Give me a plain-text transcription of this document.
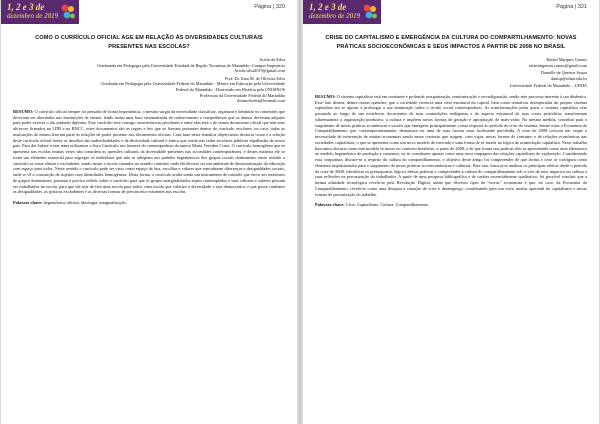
1, 2 e 3 de
dezembro de 2019
Página | 320
COMO O CURRÍCULO OFICIAL AGE EM RELAÇÃO ÀS DIVERSIDADES CULTURAIS PRESENTES NAS ESCOLAS?
Arislu da Silva
Graduanda em Pedagogia pela Universidade Estadual da Região Tocantina do Maranhão- Campus Imperatriz
Arislu.silva2019@gmail.com
Prof. Dr. Ilma M. de Oliveira Silva
Graduada em Pedagogia pela Universidade Federal do Maranhão - Mestre em Educação pela Universidade
Federal do Maranhão - Doutorado em História pela UNISINOS
Professora da Universidade Federal do Maranhão
ilmasoliveira@hotmail.com
RESUMO: O currículo oficial sempre foi pensado de forma hegemônica, o mesmo surgiu da necessidade classificar, organizar e delimitar os conteúdos que deveriam ser abordados nas instituições de ensino, tendo assim uma base sistematizada de conhecimento e competências que os alunos deveriam adquirir para poder exercer o tão sonhado diploma. Este currículo teve consigo características peculiares e entre elas está o de serum documento oficial que tem seus alicerces firmados na LDB e na BNCC, estes documentos são as regras e leis que se fizeram presentes dentro do currículo escolares, no caso, todas as instituições de ensino fizeram parte às relações de poder presente nos documentos oficiais. Com base nesta temática objetivamos destacar como é a relação deste currículo oficial frente os desafios das individualidades e da diversidade cultural e étnica que existe nas redes escolares públicas espalhadas do nosso país. Para dar ênfase a este tema utilizamos o livro Currículo nos lineares do contemporâneo da autora Maria Vorraber Costa. O currículo homogêneo que se apresenta nas escolas muitas vezes não considera as questões culturais da diversidade presentes nas sociedades contemporâneas, e destes maneira ele se torna um elemento essencial para segregar os indivíduos que não se adequam aos padrões hegemônicos dos grupos sociais dominantes, neste sentido o currículo se torna elitista e excludente, sendo assim a escola caminha no sentido contrário onde ela deveria ser um ambiente de democratização da educação com espaço para todos. Neste sentido o currículo pode ser visto como espaço de luta, escolhas e valores que reproduzem diferenças e desigualdades sociais, onde se vê a construção de sujeitos com identidades homogêneas. Desta forma, o currículo acaba sendo um instrumento de controle que serve aos interesses de grupos dominantes, portanto é preciso refletir sobre o currículo para que os grupos marginalizados sejam contemplados e suas culturas e saberes possam ser trabalhados na escola, para que ela seja de fato uma escola para todos, uma escola que valorize a diversidade e seja democrática, e que possa combater as desigualdades, as práticas excludentes e as diversas formas de preconceito existentes nas escolas.
Palavras-chave: hegemônica; elitista; ideologia, marginalização.
1, 2 e 3 de
dezembro de 2019
Página | 321
CRISE DO CAPITALISMO E EMERGÊNCIA DA CULTURA DO COMPARTILHAMENTO: NOVAS PRÁTICAS SOCIOECONÔMICAS E SEUS IMPACTOS A PARTIR DE 2008 NO BRASIL
Rafael Marques Gomes
rafaelmgomes.ramos@gmail.com
Danielle de Queiroz Souza
daniqs@ufma.edu.br
Universidade Federal do Maranhão – UFMA
RESUMO: O sistema capitalista está em constante e profunda reorganização, reestruturação e reconfiguração, sendo este processo inerente à sua dinâmica. Esse fato denota, dentre outras questões, que a sociedade vivencia uma crise estrutural do capital, bem como tentativas desesperadas do próprio sistema capitalista em se ajustar e prolongar a sua dominação sobre o tecido social contemporâneo. As transformações pelas quais o sistema capitalista vem passando ao longo de sua existência, decorrentes de suas contradições endógenas e do aspecto estrutural de suas crises periódicas, transformam sobremaneira a organização produtiva, a cultura e impõem novas formas de geração e apropriação de mais-valor. Na mesma medida, contribui para o surgimento de novas práticas econômicas e sociais que emergem, principalmente, como resposta ao período de crise do sistema, dentre estas a Economia do Compartilhamento que, contemporaneamente, demonstra ser uma de suas facetas mais facilmente percebida. A crise de 2008 colocou em xeque a necessidade de reinvenção de muitas economias sendo nesse contexto que surgem, com vigor, novas formas de consumo e de relações econômicas nas sociedades capitalistas, o que se apresenta como um novo modelo de mercado e uma forma de se inserir na lógica de acumulação capitalista. Neste trabalho buscamos discutir como este modelo se insere no contexto brasileiro, a partir de 2008, e de que forma tais práticas têm se apresentado como uma alternativa ao modelo hegemônico de produção e consumo, ou se constituem apenas como uma nova roupagem das relações capitalistas de exploração. Considerando essa conjuntura, discute-se a respeito da cultura do compartilhamento, e objetivo deste artigo foi compreender de que forma a crise se configura como elemento impulsionador para o surgimento de novas práticas socioeconômicas e culturais. Para isso, buscou-se analisar os principais efeitos desde o período da crise de 2008, identificar os pressupostos lógicos dessas práticas e compreender a cultura do compartilhamento sob o viés de seus impactos na cultura e suas reflexões na precarização do trabalhador. A partir de uma pesquisa bibliográfica e de caráter essencialmente qualitativo, foi possível concluir que a íntima afinidade tecnológica revela-se pela Revolução Digital, ainda que diversos tipos de “novas” economias é que, no caso, da Economia do Compartilhamento, revela-se como uma distopia à situação de crise e desemprego, contribuindo para um novo modus operandi do capitalismo e novas formas de precarização do trabalho.
Palavras-chave: Crise. Capitalismo. Cultura. Compartilhamento.
